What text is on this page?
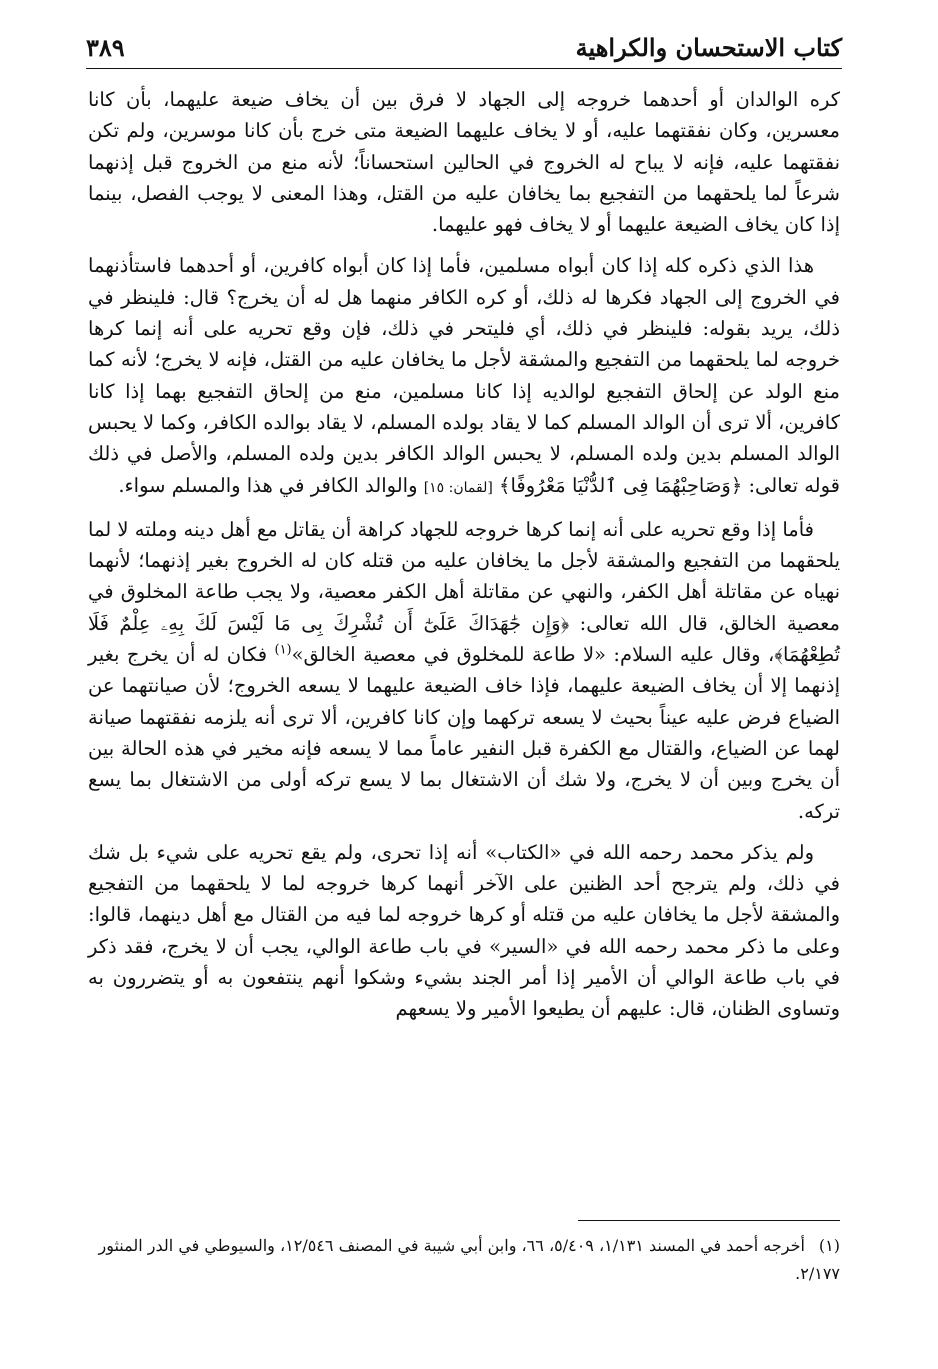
كتاب الاستحسان والكراهية
٣٨٩

كره الوالدان أو أحدهما خروجه إلى الجهاد لا فرق بين أن يخاف ضيعة عليهما، بأن كانا معسرين، وكان نفقتهما عليه، أو لا يخاف عليهما الضيعة متى خرج بأن كانا موسرين، ولم تكن نفقتهما عليه، فإنه لا يباح له الخروج في الحالين استحساناً؛ لأنه منع من الخروج قبل إذنهما شرعاً لما يلحقهما من التفجيع بما يخافان عليه من القتل، وهذا المعنى لا يوجب الفصل، بينما إذا كان يخاف الضيعة عليهما أو لا يخاف فهو عليهما.

هذا الذي ذكره كله إذا كان أبواه مسلمين، فأما إذا كان أبواه كافرين، أو أحدهما فاستأذنهما في الخروج إلى الجهاد فكرها له ذلك، أو كره الكافر منهما هل له أن يخرج؟ قال: فلينظر في ذلك، يريد بقوله: فلينظر في ذلك، أي فليتحر في ذلك، فإن وقع تحريه على أنه إنما كرها خروجه لما يلحقهما من التفجيع والمشقة لأجل ما يخافان عليه من القتل، فإنه لا يخرج؛ لأنه كما منع الولد عن إلحاق التفجيع لوالديه إذا كانا مسلمين، منع من إلحاق التفجيع بهما إذا كانا كافرين، ألا ترى أن الوالد المسلم كما لا يقاد بولده المسلم، لا يقاد بوالده الكافر، وكما لا يحبس الوالد المسلم بدين ولده المسلم، لا يحبس الوالد الكافر بدين ولده المسلم، والأصل في ذلك قوله تعالى: ﴿وَصَاحِبْهُمَا فِى ٱلدُّنْيَا مَعْرُوفًا﴾ [لقمان: ١٥] والوالد الكافر في هذا والمسلم سواء.

فأما إذا وقع تحريه على أنه إنما كرها خروجه للجهاد كراهة أن يقاتل مع أهل دينه وملته لا لما يلحقهما من التفجيع والمشقة لأجل ما يخافان عليه من قتله كان له الخروج بغير إذنهما؛ لأنهما نهياه عن مقاتلة أهل الكفر، والنهي عن مقاتلة أهل الكفر معصية، ولا يجب طاعة المخلوق في معصية الخالق، قال الله تعالى: ﴿وَإِن جَٰهَدَاكَ عَلَىٰٓ أَن تُشْرِكَ بِى مَا لَيْسَ لَكَ بِهِۦ عِلْمٌ فَلَا تُطِعْهُمَا﴾، وقال عليه السلام: «لا طاعة للمخلوق في معصية الخالق»$^{(١)}$ فكان له أن يخرج بغير إذنهما إلا أن يخاف الضيعة عليهما، فإذا خاف الضيعة عليهما لا يسعه الخروج؛ لأن صيانتهما عن الضياع فرض عليه عيناً بحيث لا يسعه تركهما وإن كانا كافرين، ألا ترى أنه يلزمه نفقتهما صيانة لهما عن الضياع، والقتال مع الكفرة قبل النفير عاماً مما لا يسعه فإنه مخير في هذه الحالة بين أن يخرج وبين أن لا يخرج، ولا شك أن الاشتغال بما لا يسع تركه أولى من الاشتغال بما يسع تركه.

ولم يذكر محمد رحمه الله في «الكتاب» أنه إذا تحرى، ولم يقع تحريه على شيء بل شك في ذلك، ولم يترجح أحد الظنين على الآخر أنهما كرها خروجه لما لا يلحقهما من التفجيع والمشقة لأجل ما يخافان عليه من قتله أو كرها خروجه لما فيه من القتال مع أهل دينهما، قالوا: وعلى ما ذكر محمد رحمه الله في «السير» في باب طاعة الوالي، يجب أن لا يخرج، فقد ذكر في باب طاعة الوالي أن الأمير إذا أمر الجند بشيء وشكوا أنهم ينتفعون به أو يتضررون به وتساوى الظنان، قال: عليهم أن يطيعوا الأمير ولا يسعهم

(١)أخرجه أحمد في المسند ١/١٣١، ٥/٤٠٩، ٦٦، وابن أبي شيبة في المصنف ١٢/٥٤٦، والسيوطي في الدر المنثور ٢/١٧٧.
